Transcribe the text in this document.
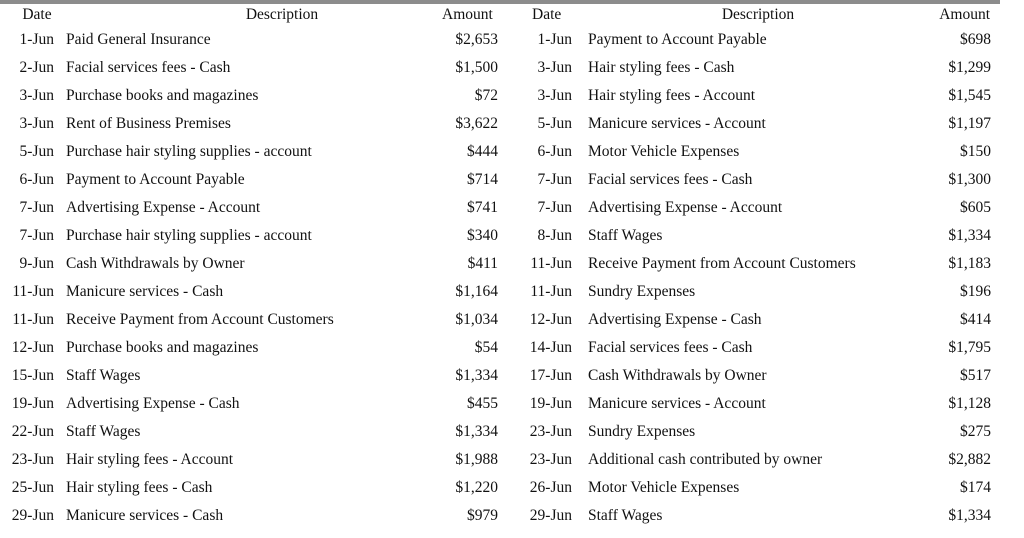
Date	Description	Amount	Date	Description	Amount
1-Jun	Paid General Insurance	$2,653	1-Jun	Payment to Account Payable	$698
2-Jun	Facial services fees - Cash	$1,500	3-Jun	Hair styling fees - Cash	$1,299
3-Jun	Purchase books and magazines	$72	3-Jun	Hair styling fees - Account	$1,545
3-Jun	Rent of Business Premises	$3,622	5-Jun	Manicure services - Account	$1,197
5-Jun	Purchase hair styling supplies - account	$444	6-Jun	Motor Vehicle Expenses	$150
6-Jun	Payment to Account Payable	$714	7-Jun	Facial services fees - Cash	$1,300
7-Jun	Advertising Expense - Account	$741	7-Jun	Advertising Expense - Account	$605
7-Jun	Purchase hair styling supplies - account	$340	8-Jun	Staff Wages	$1,334
9-Jun	Cash Withdrawals by Owner	$411	11-Jun	Receive Payment from Account Customers	$1,183
11-Jun	Manicure services - Cash	$1,164	11-Jun	Sundry Expenses	$196
11-Jun	Receive Payment from Account Customers	$1,034	12-Jun	Advertising Expense - Cash	$414
12-Jun	Purchase books and magazines	$54	14-Jun	Facial services fees - Cash	$1,795
15-Jun	Staff Wages	$1,334	17-Jun	Cash Withdrawals by Owner	$517
19-Jun	Advertising Expense - Cash	$455	19-Jun	Manicure services - Account	$1,128
22-Jun	Staff Wages	$1,334	23-Jun	Sundry Expenses	$275
23-Jun	Hair styling fees - Account	$1,988	23-Jun	Additional cash contributed by owner	$2,882
25-Jun	Hair styling fees - Cash	$1,220	26-Jun	Motor Vehicle Expenses	$174
29-Jun	Manicure services - Cash	$979	29-Jun	Staff Wages	$1,334
